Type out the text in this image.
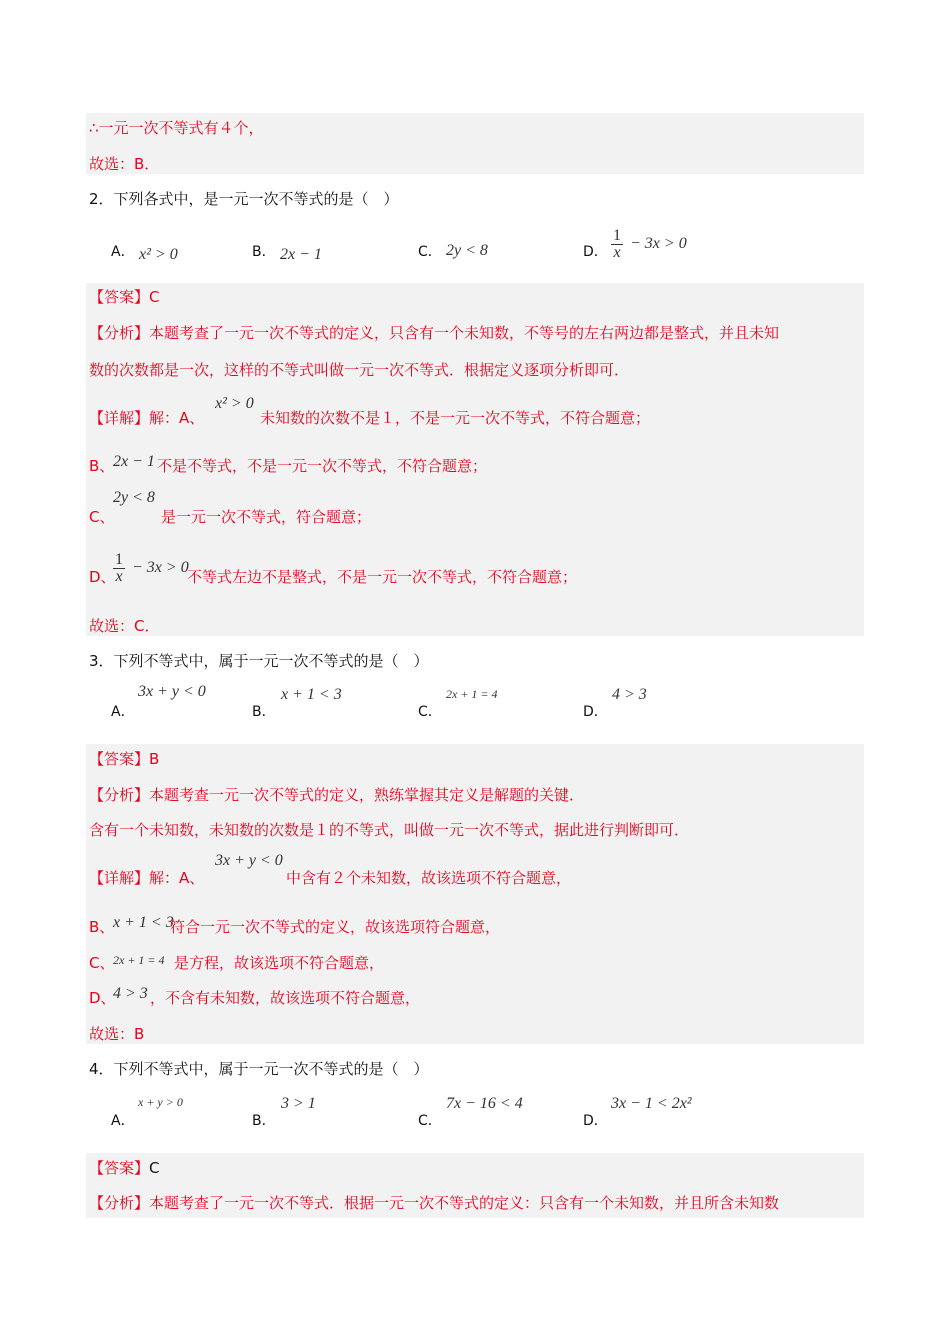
∴一元一次不等式有４个，
故选：B．
2．下列各式中，是一元一次不等式的是（　）
A． x² > 0	B． 2x − 1	C． 2y < 8	D． $\frac{1}{x} - 3x > 0$
【答案】C
【分析】本题考查了一元一次不等式的定义，只含有一个未知数，不等号的左右两边都是整式，并且未知
数的次数都是一次，这样的不等式叫做一元一次不等式．根据定义逐项分析即可．
【详解】解：A、
x² > 0
未知数的次数不是１，不是一元一次不等式，不符合题意；
B、
2x − 1 不是不等式，不是一元一次不等式，不符合题意；
C、
2y < 8
是一元一次不等式，符合题意；
D、
$\frac{1}{x} - 3x > 0$
不等式左边不是整式，不是一元一次不等式，不符合题意；
故选：C．
3．下列不等式中，属于一元一次不等式的是（　）
3x + y < 0
A．
x + 1 < 3
B．
2x + 1 = 4
C．
4 > 3
D．
【答案】B
【分析】本题考查一元一次不等式的定义，熟练掌握其定义是解题的关键．
含有一个未知数，未知数的次数是１的不等式，叫做一元一次不等式，据此进行判断即可．
【详解】解：A、
3x + y < 0
中含有２个未知数，故该选项不符合题意，
B、
x + 1 < 3
符合一元一次不等式的定义，故该选项符合题意，
C、
2x + 1 = 4 是方程，故该选项不符合题意，
D、
4 > 3 ，不含有未知数，故该选项不符合题意，
故选：B
4．下列不等式中，属于一元一次不等式的是（　）
x + y > 0
A．
3 > 1
B．
7x − 16 < 4
C．
3x − 1 < 2x²
D．
【答案】C
【分析】本题考查了一元一次不等式．根据一元一次不等式的定义：只含有一个未知数，并且所含未知数
